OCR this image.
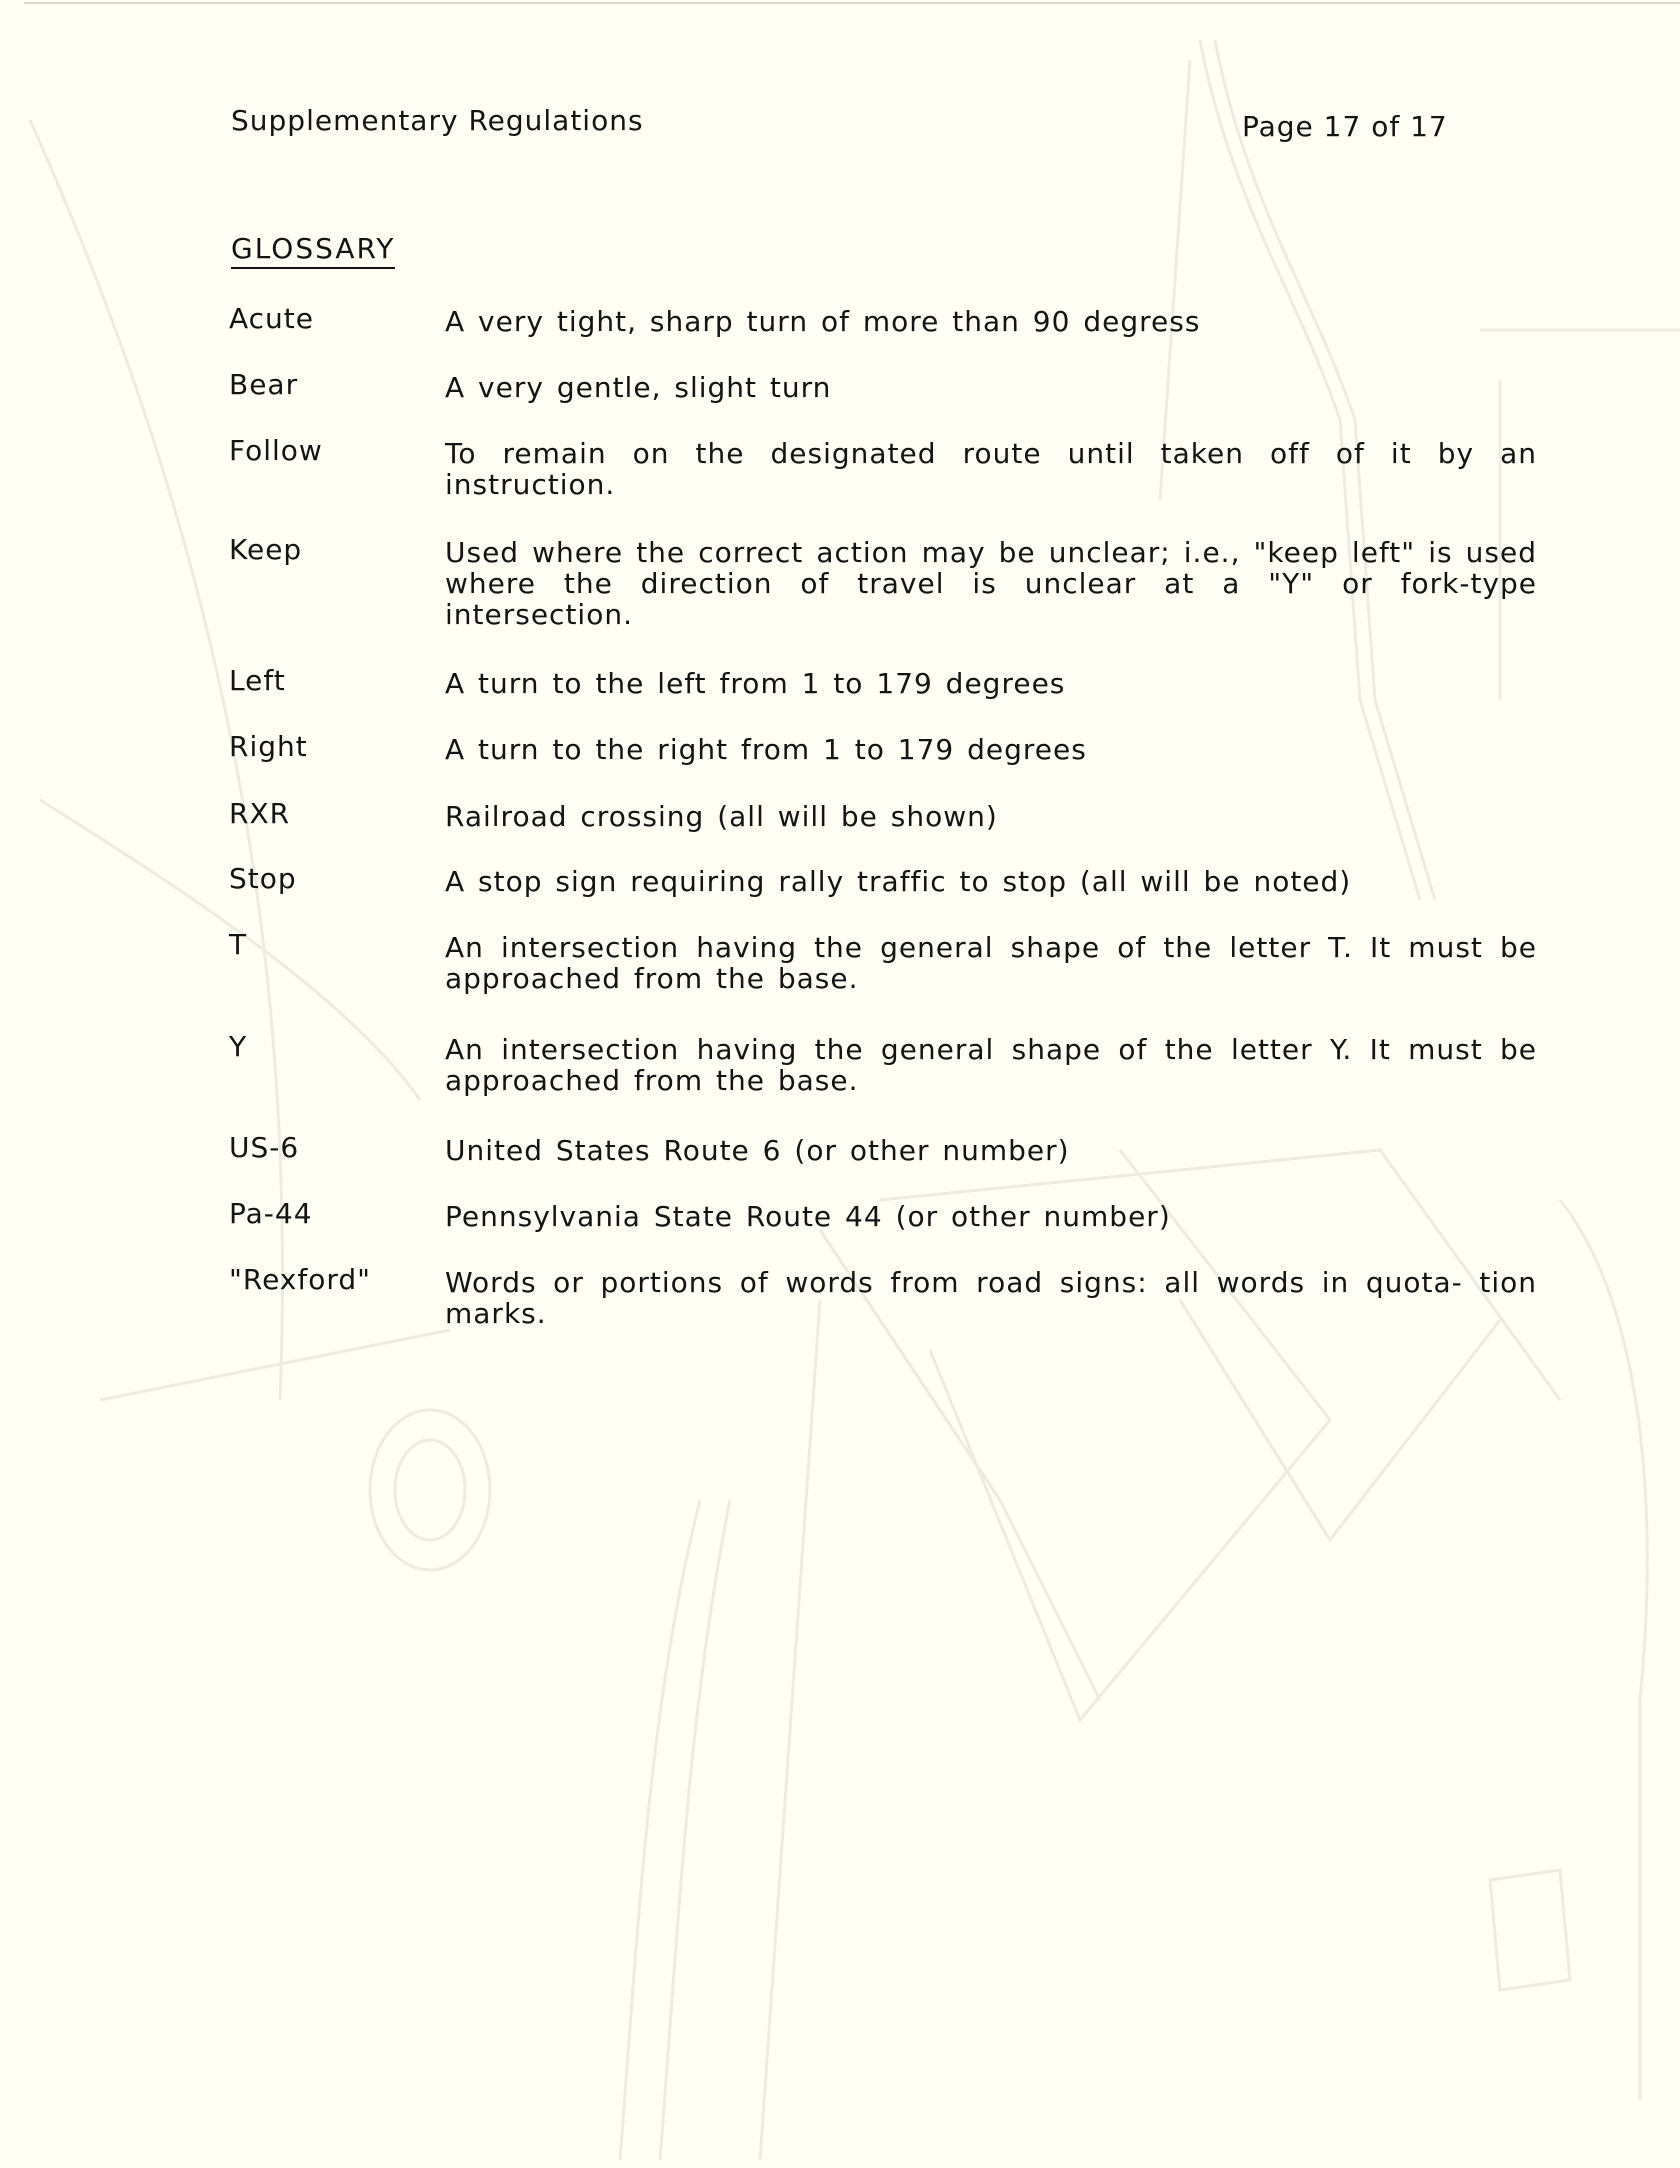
Supplementary Regulations	Page 17 of 17
GLOSSARY
Acute	A very tight, sharp turn of more than 90 degress
Bear	A very gentle, slight turn
Follow	To remain on the designated route until taken off of it by an instruction.
Keep	Used where the correct action may be unclear; i.e., "keep left" is used where the direction of travel is unclear at a "Y" or fork-type intersection.
Left	A turn to the left from 1 to 179 degrees
Right	A turn to the right from 1 to 179 degrees
RXR	Railroad crossing (all will be shown)
Stop	A stop sign requiring rally traffic to stop (all will be noted)
T	An intersection having the general shape of the letter T. It must be approached from the base.
Y	An intersection having the general shape of the letter Y. It must be approached from the base.
US-6	United States Route 6 (or other number)
Pa-44	Pennsylvania State Route 44 (or other number)
"Rexford"	Words or portions of words from road signs: all words in quota- tion marks.
